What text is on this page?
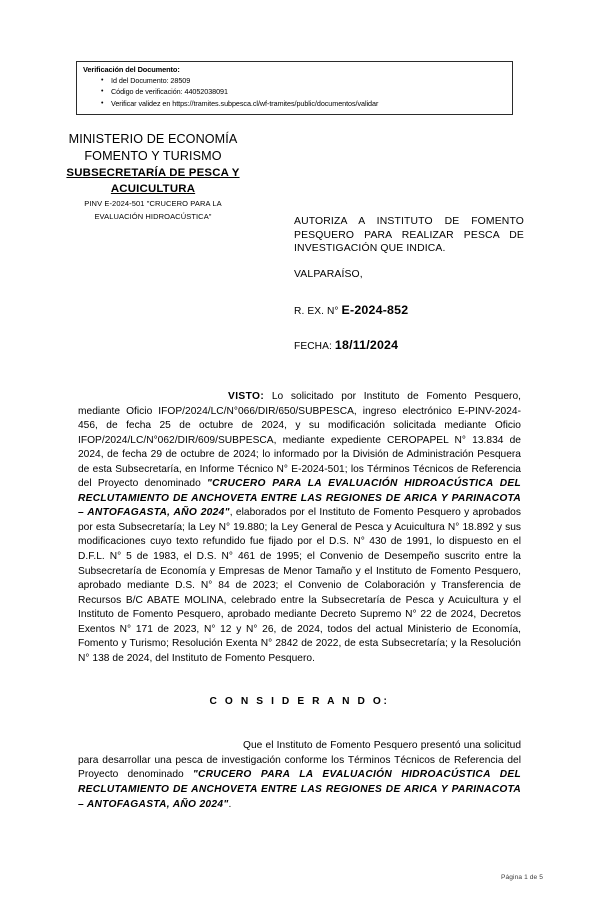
Verificación del Documento:
• Id del Documento: 28509
• Código de verificación: 44052038091
• Verificar validez en https://tramites.subpesca.cl/wf-tramites/public/documentos/validar
MINISTERIO DE ECONOMÍA
FOMENTO Y TURISMO
SUBSECRETARÍA DE PESCA Y
ACUICULTURA
PINV E-2024-501 "CRUCERO PARA LA
EVALUACIÓN HIDROACÚSTICA"	AUTORIZA A INSTITUTO DE FOMENTO PESQUERO PARA REALIZAR PESCA DE INVESTIGACIÓN QUE INDICA.
VALPARAÍSO,
R. EX. N° E-2024-852
FECHA: 18/11/2024
VISTO: Lo solicitado por Instituto de Fomento Pesquero, mediante Oficio IFOP/2024/LC/N°066/DIR/650/SUBPESCA, ingreso electrónico E-PINV-2024-456, de fecha 25 de octubre de 2024, y su modificación solicitada mediante Oficio IFOP/2024/LC/N°062/DIR/609/SUBPESCA, mediante expediente CEROPAPEL N° 13.834 de 2024, de fecha 29 de octubre de 2024; lo informado por la División de Administración Pesquera de esta Subsecretaría, en Informe Técnico N° E-2024-501; los Términos Técnicos de Referencia del Proyecto denominado "CRUCERO PARA LA EVALUACIÓN HIDROACÚSTICA DEL RECLUTAMIENTO DE ANCHOVETA ENTRE LAS REGIONES DE ARICA Y PARINACOTA – ANTOFAGASTA, AÑO 2024", elaborados por el Instituto de Fomento Pesquero y aprobados por esta Subsecretaría; la Ley N° 19.880; la Ley General de Pesca y Acuicultura N° 18.892 y sus modificaciones cuyo texto refundido fue fijado por el D.S. N° 430 de 1991, lo dispuesto en el D.F.L. N° 5 de 1983, el D.S. N° 461 de 1995; el Convenio de Desempeño suscrito entre la Subsecretaría de Economía y Empresas de Menor Tamaño y el Instituto de Fomento Pesquero, aprobado mediante D.S. N° 84 de 2023; el Convenio de Colaboración y Transferencia de Recursos B/C ABATE MOLINA, celebrado entre la Subsecretaría de Pesca y Acuicultura y el Instituto de Fomento Pesquero, aprobado mediante Decreto Supremo N° 22 de 2024, Decretos Exentos N° 171 de 2023, N° 12 y N° 26, de 2024, todos del actual Ministerio de Economía, Fomento y Turismo; Resolución Exenta N° 2842 de 2022, de esta Subsecretaría; y la Resolución N° 138 de 2024, del Instituto de Fomento Pesquero.
C O N S I D E R A N D O:
Que el Instituto de Fomento Pesquero presentó una solicitud para desarrollar una pesca de investigación conforme los Términos Técnicos de Referencia del Proyecto denominado "CRUCERO PARA LA EVALUACIÓN HIDROACÚSTICA DEL RECLUTAMIENTO DE ANCHOVETA ENTRE LAS REGIONES DE ARICA Y PARINACOTA – ANTOFAGASTA, AÑO 2024".
Página 1 de 5
